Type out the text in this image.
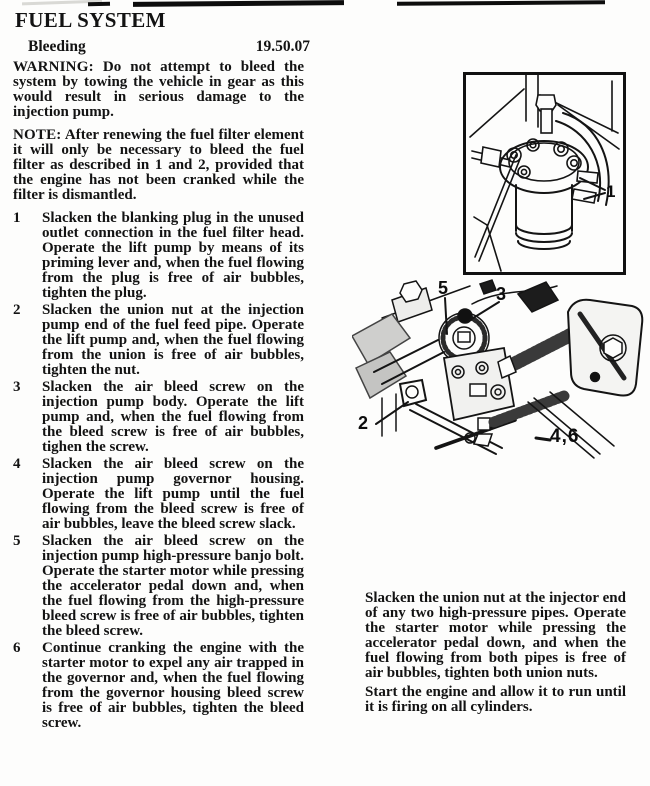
FUEL SYSTEM
Bleeding	19.50.07

WARNING: Do not attempt to bleed the system by towing the vehicle in gear as this would result in serious damage to the injection pump.

NOTE: After renewing the fuel filter element it will only be necessary to bleed the fuel filter as described in 1 and 2, provided that the engine has not been cranked while the filter is dismantled.

1 Slacken the blanking plug in the unused outlet connection in the fuel filter head. Operate the lift pump by means of its priming lever and, when the fuel flowing from the plug is free of air bubbles, tighten the plug.
2 Slacken the union nut at the injection pump end of the fuel feed pipe. Operate the lift pump and, when the fuel flowing from the union is free of air bubbles, tighten the nut.
3 Slacken the air bleed screw on the injection pump body. Operate the lift pump and, when the fuel flowing from the bleed screw is free of air bubbles, tighen the screw.
4 Slacken the air bleed screw on the injection pump governor housing. Operate the lift pump until the fuel flowing from the bleed screw is free of air bubbles, leave the bleed screw slack.
5 Slacken the air bleed screw on the injection pump high-pressure banjo bolt. Operate the starter motor while pressing the accelerator pedal down and, when the fuel flowing from the high-pressure bleed screw is free of air bubbles, tighten the bleed screw.
6 Continue cranking the engine with the starter motor to expel any air trapped in the governor and, when the fuel flowing from the governor housing bleed screw is free of air bubbles, tighten the bleed screw.
1
5	3
2
4,6

Slacken the union nut at the injector end of any two high-pressure pipes. Operate the starter motor while pressing the accelerator pedal down, and when the fuel flowing from both pipes is free of air bubbles, tighten both union nuts.

Start the engine and allow it to run until it is firing on all cylinders.
